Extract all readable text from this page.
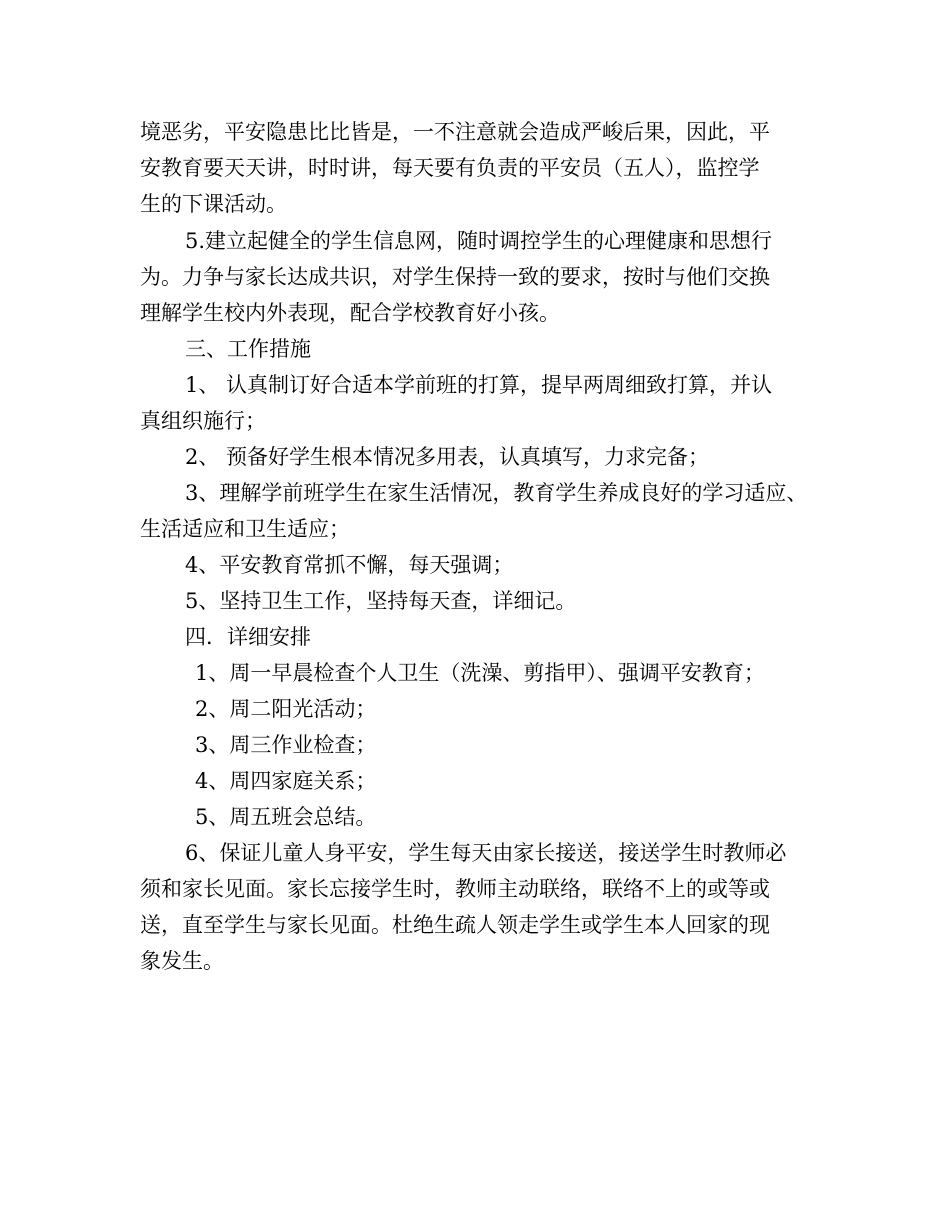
境恶劣，平安隐患比比皆是，一不注意就会造成严峻后果，因此，平
安教育要天天讲，时时讲，每天要有负责的平安员（五人），监控学
生的下课活动。
5.建立起健全的学生信息网，随时调控学生的心理健康和思想行
为。力争与家长达成共识，对学生保持一致的要求，按时与他们交换
理解学生校内外表现，配合学校教育好小孩。
三、工作措施
1、 认真制订好合适本学前班的打算，提早两周细致打算，并认
真组织施行；
2、 预备好学生根本情况多用表，认真填写，力求完备；
3、理解学前班学生在家生活情况，教育学生养成良好的学习适应、
生活适应和卫生适应；
4、平安教育常抓不懈，每天强调；
5、坚持卫生工作，坚持每天查，详细记。
四．详细安排
1、周一早晨检查个人卫生（洗澡、剪指甲）、强调平安教育；
2、周二阳光活动；
3、周三作业检查；
4、周四家庭关系；
5、周五班会总结。
6、保证儿童人身平安，学生每天由家长接送，接送学生时教师必
须和家长见面。家长忘接学生时，教师主动联络，联络不上的或等或
送，直至学生与家长见面。杜绝生疏人领走学生或学生本人回家的现
象发生。
